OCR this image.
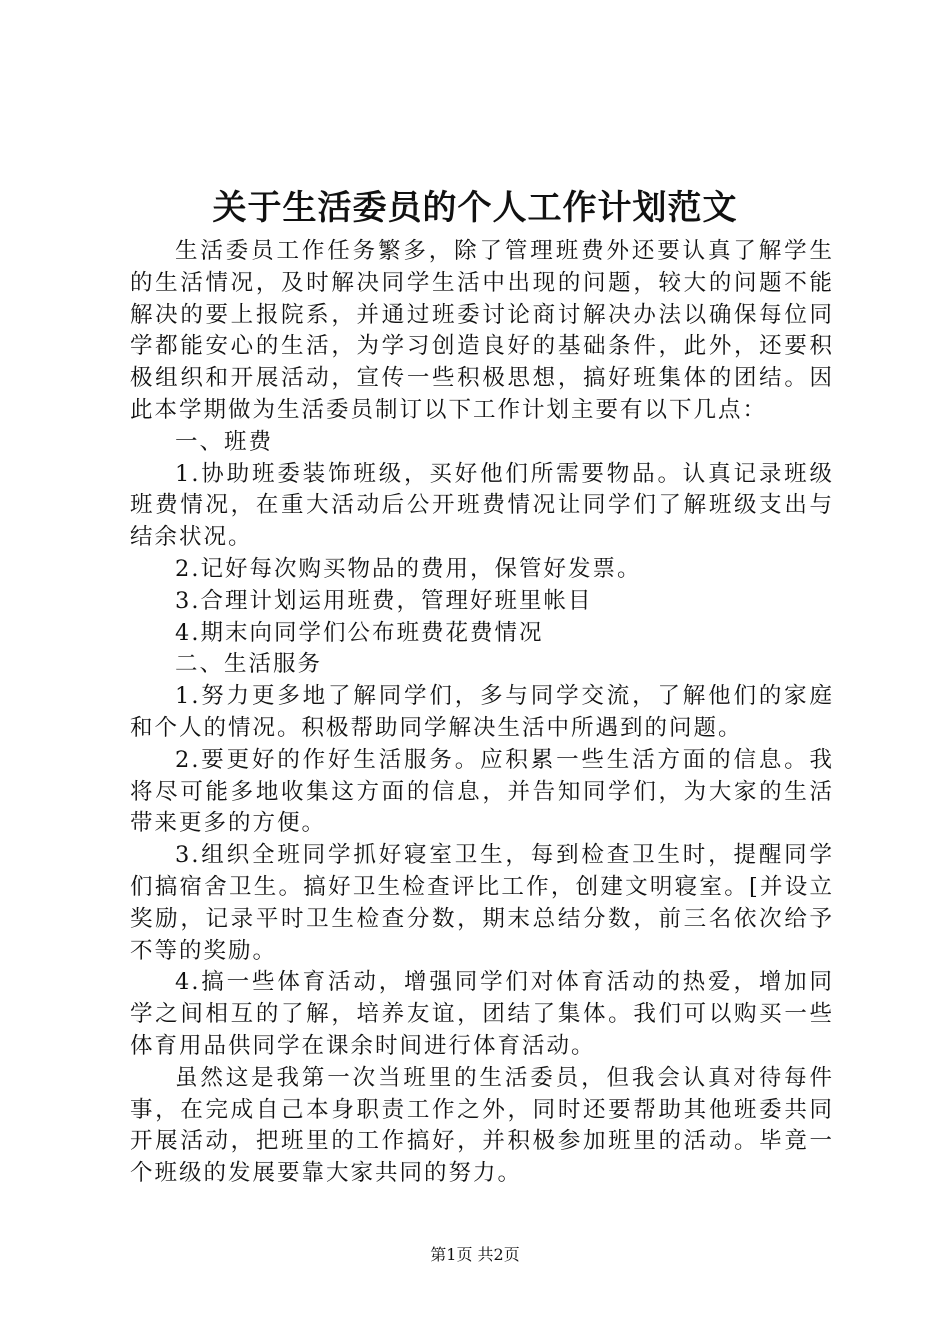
关于生活委员的个人工作计划范文

生活委员工作任务繁多，除了管理班费外还要认真了解学生的生活情况，及时解决同学生活中出现的问题，较大的问题不能解决的要上报院系，并通过班委讨论商讨解决办法以确保每位同学都能安心的生活，为学习创造良好的基础条件，此外，还要积极组织和开展活动，宣传一些积极思想，搞好班集体的团结。因此本学期做为生活委员制订以下工作计划主要有以下几点：

一、班费

1.协助班委装饰班级，买好他们所需要物品。认真记录班级班费情况，在重大活动后公开班费情况让同学们了解班级支出与结余状况。

2.记好每次购买物品的费用，保管好发票。

3.合理计划运用班费，管理好班里帐目

4.期末向同学们公布班费花费情况

二、生活服务

1.努力更多地了解同学们，多与同学交流，了解他们的家庭和个人的情况。积极帮助同学解决生活中所遇到的问题。

2.要更好的作好生活服务。应积累一些生活方面的信息。我将尽可能多地收集这方面的信息，并告知同学们，为大家的生活带来更多的方便。

3.组织全班同学抓好寝室卫生，每到检查卫生时，提醒同学们搞宿舍卫生。搞好卫生检查评比工作，创建文明寝室。[并设立奖励，记录平时卫生检查分数，期末总结分数，前三名依次给予不等的奖励。

4.搞一些体育活动，增强同学们对体育活动的热爱，增加同学之间相互的了解，培养友谊，团结了集体。我们可以购买一些体育用品供同学在课余时间进行体育活动。

虽然这是我第一次当班里的生活委员，但我会认真对待每件事，在完成自己本身职责工作之外，同时还要帮助其他班委共同开展活动，把班里的工作搞好，并积极参加班里的活动。毕竟一个班级的发展要靠大家共同的努力。

第1页 共2页
